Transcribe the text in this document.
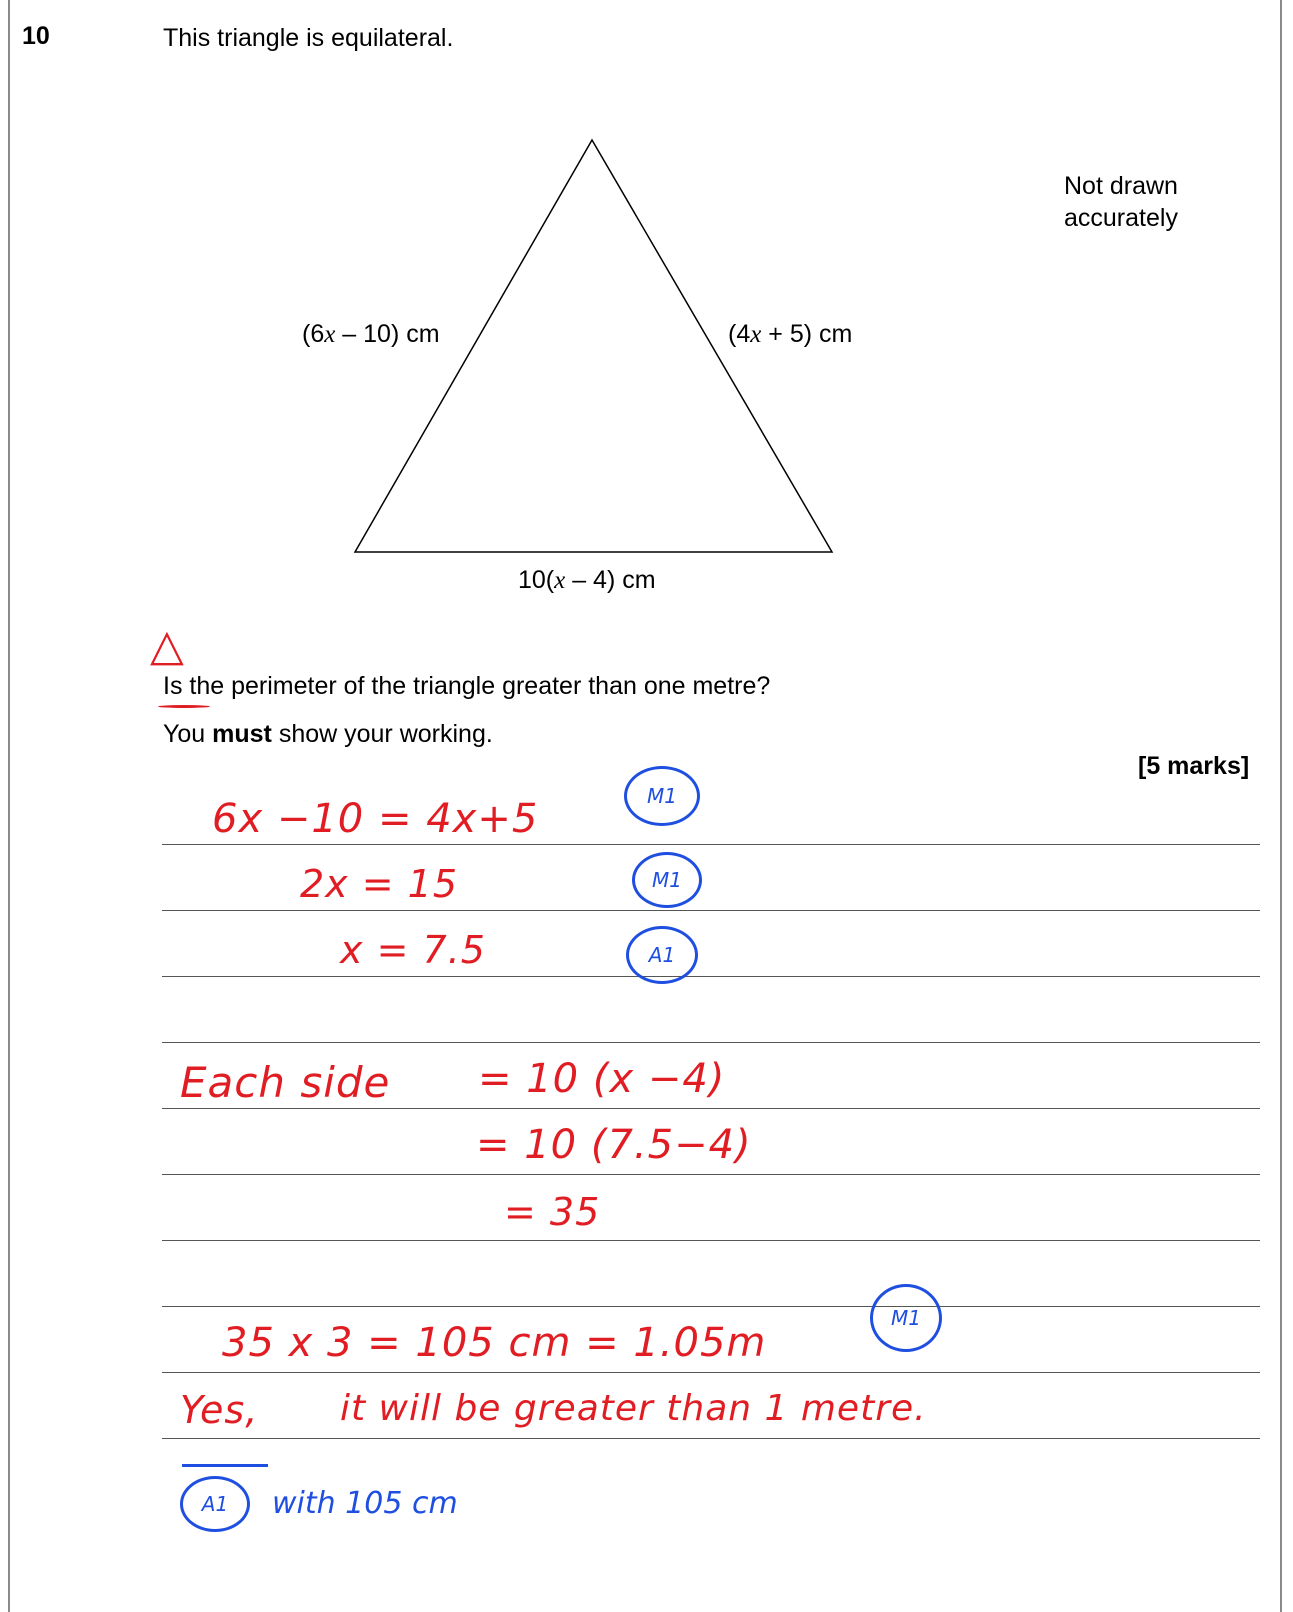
10	This triangle is equilateral.
Not drawn
accurately
(6x – 10) cm	(4x + 5) cm
10(x – 4) cm
△
Is the perimeter of the triangle greater than one metre?
You must show your working.
[5 marks]
6x −10 = 4x+5
2x = 15
x = 7.5
M1
M1
A1
Each side = 10 (x −4)
= 10 (7.5−4)
= 35
35 x 3 = 105 cm = 1.05m
M1
Yes, it will be greater than 1 metre.
A1	with 105 cm
